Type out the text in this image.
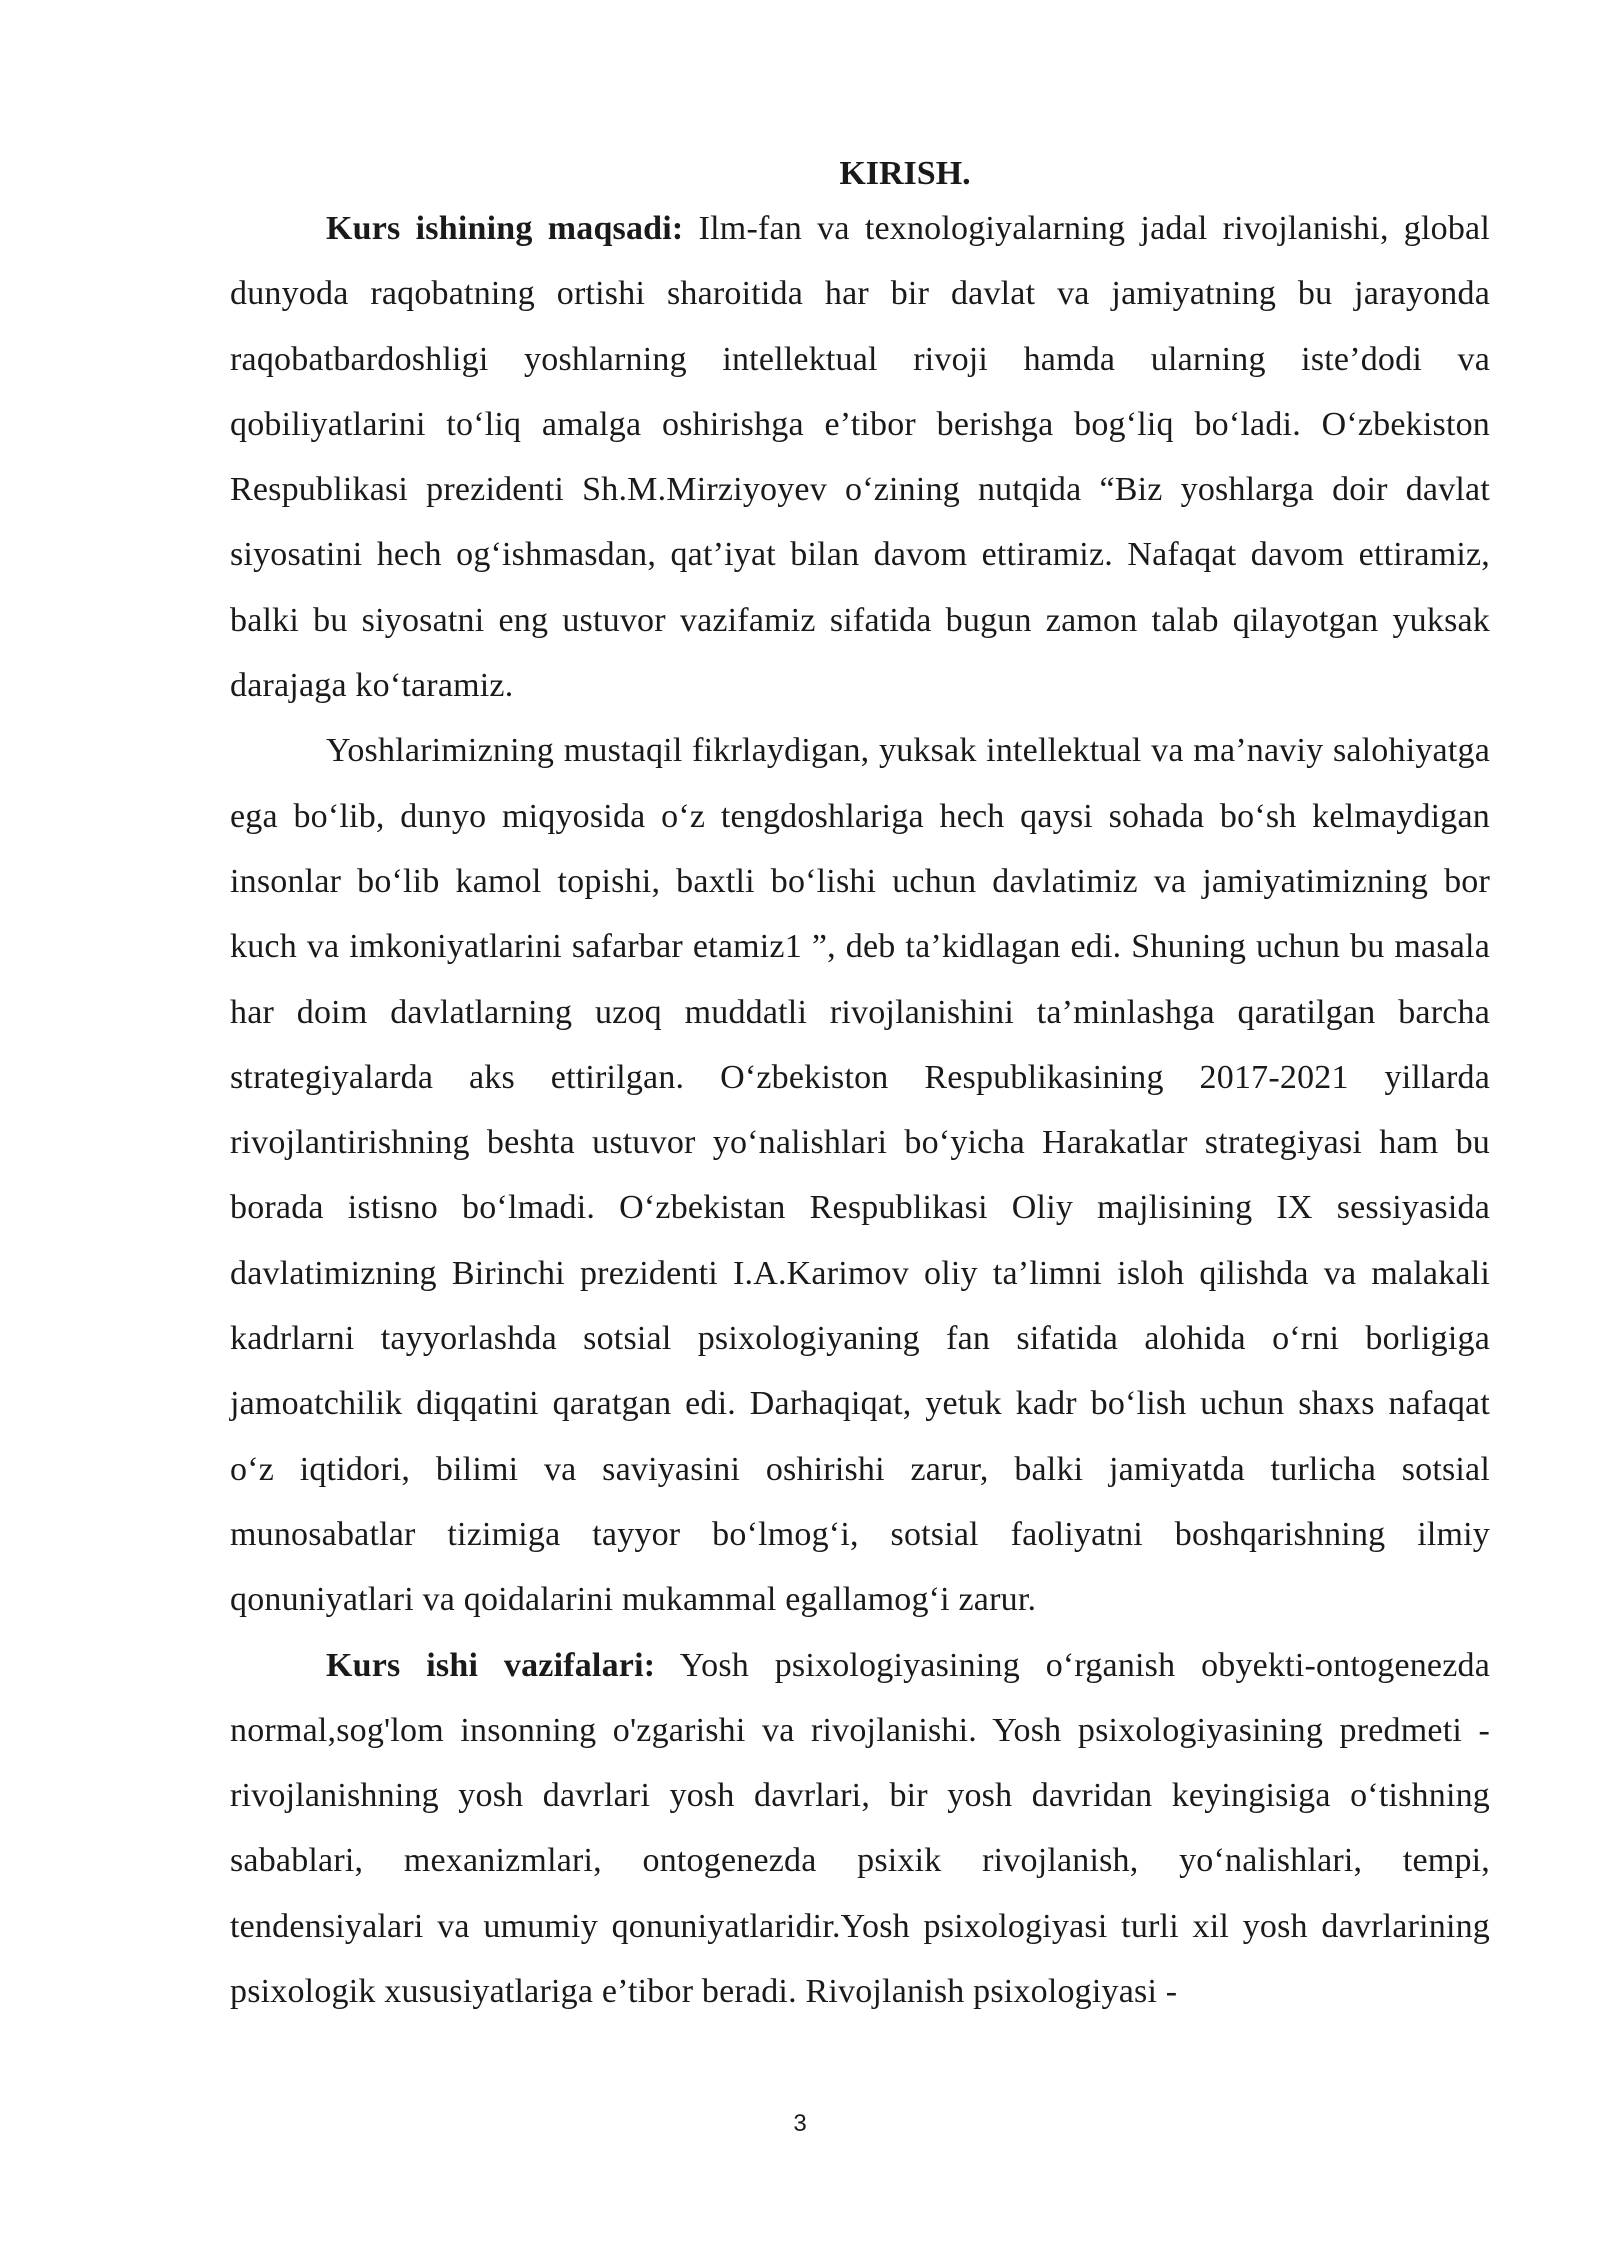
KIRISH.

Kurs ishining maqsadi: Ilm-fan va texnologiyalarning jadal rivojlanishi, global dunyoda raqobatning ortishi sharoitida har bir davlat va jamiyatning bu jarayonda raqobatbardoshligi yoshlarning intellektual rivoji hamda ularning iste’dodi va qobiliyatlarini to‘liq amalga oshirishga e’tibor berishga bog‘liq bo‘ladi. O‘zbekiston Respublikasi prezidenti Sh.M.Mirziyoyev o‘zining nutqida “Biz yoshlarga doir davlat siyosatini hech og‘ishmasdan, qat’iyat bilan davom ettiramiz. Nafaqat davom ettiramiz, balki bu siyosatni eng ustuvor vazifamiz sifatida bugun zamon talab qilayotgan yuksak darajaga ko‘taramiz.

Yoshlarimizning mustaqil fikrlaydigan, yuksak intellektual va ma’naviy salohiyatga ega bo‘lib, dunyo miqyosida o‘z tengdoshlariga hech qaysi sohada bo‘sh kelmaydigan insonlar bo‘lib kamol topishi, baxtli bo‘lishi uchun davlatimiz va jamiyatimizning bor kuch va imkoniyatlarini safarbar etamiz1 ”, deb ta’kidlagan edi. Shuning uchun bu masala har doim davlatlarning uzoq muddatli rivojlanishini ta’minlashga qaratilgan barcha strategiyalarda aks ettirilgan. O‘zbekiston Respublikasining 2017-2021 yillarda rivojlantirishning beshta ustuvor yo‘nalishlari bo‘yicha Harakatlar strategiyasi ham bu borada istisno bo‘lmadi. O‘zbekistan Respublikasi Oliy majlisining IX sessiyasida davlatimizning Birinchi prezidenti I.A.Karimov oliy ta’limni isloh qilishda va malakali kadrlarni tayyorlashda sotsial psixologiyaning fan sifatida alohida o‘rni borligiga jamoatchilik diqqatini qaratgan edi. Darhaqiqat, yetuk kadr bo‘lish uchun shaxs nafaqat o‘z iqtidori, bilimi va saviyasini oshirishi zarur, balki jamiyatda turlicha sotsial munosabatlar tizimiga tayyor bo‘lmog‘i, sotsial faoliyatni boshqarishning ilmiy qonuniyatlari va qoidalarini mukammal egallamog‘i zarur.

Kurs ishi vazifalari: Yosh psixologiyasining o‘rganish obyekti-ontogenezda normal,sog'lom insonning o'zgarishi va rivojlanishi. Yosh psixologiyasining predmeti - rivojlanishning yosh davrlari yosh davrlari, bir yosh davridan keyingisiga o‘tishning sabablari, mexanizmlari, ontogenezda psixik rivojlanish, yo‘nalishlari, tempi, tendensiyalari va umumiy qonuniyatlaridir.Yosh psixologiyasi turli xil yosh davrlarining psixologik xususiyatlariga e’tibor beradi. Rivojlanish psixologiyasi -

3
